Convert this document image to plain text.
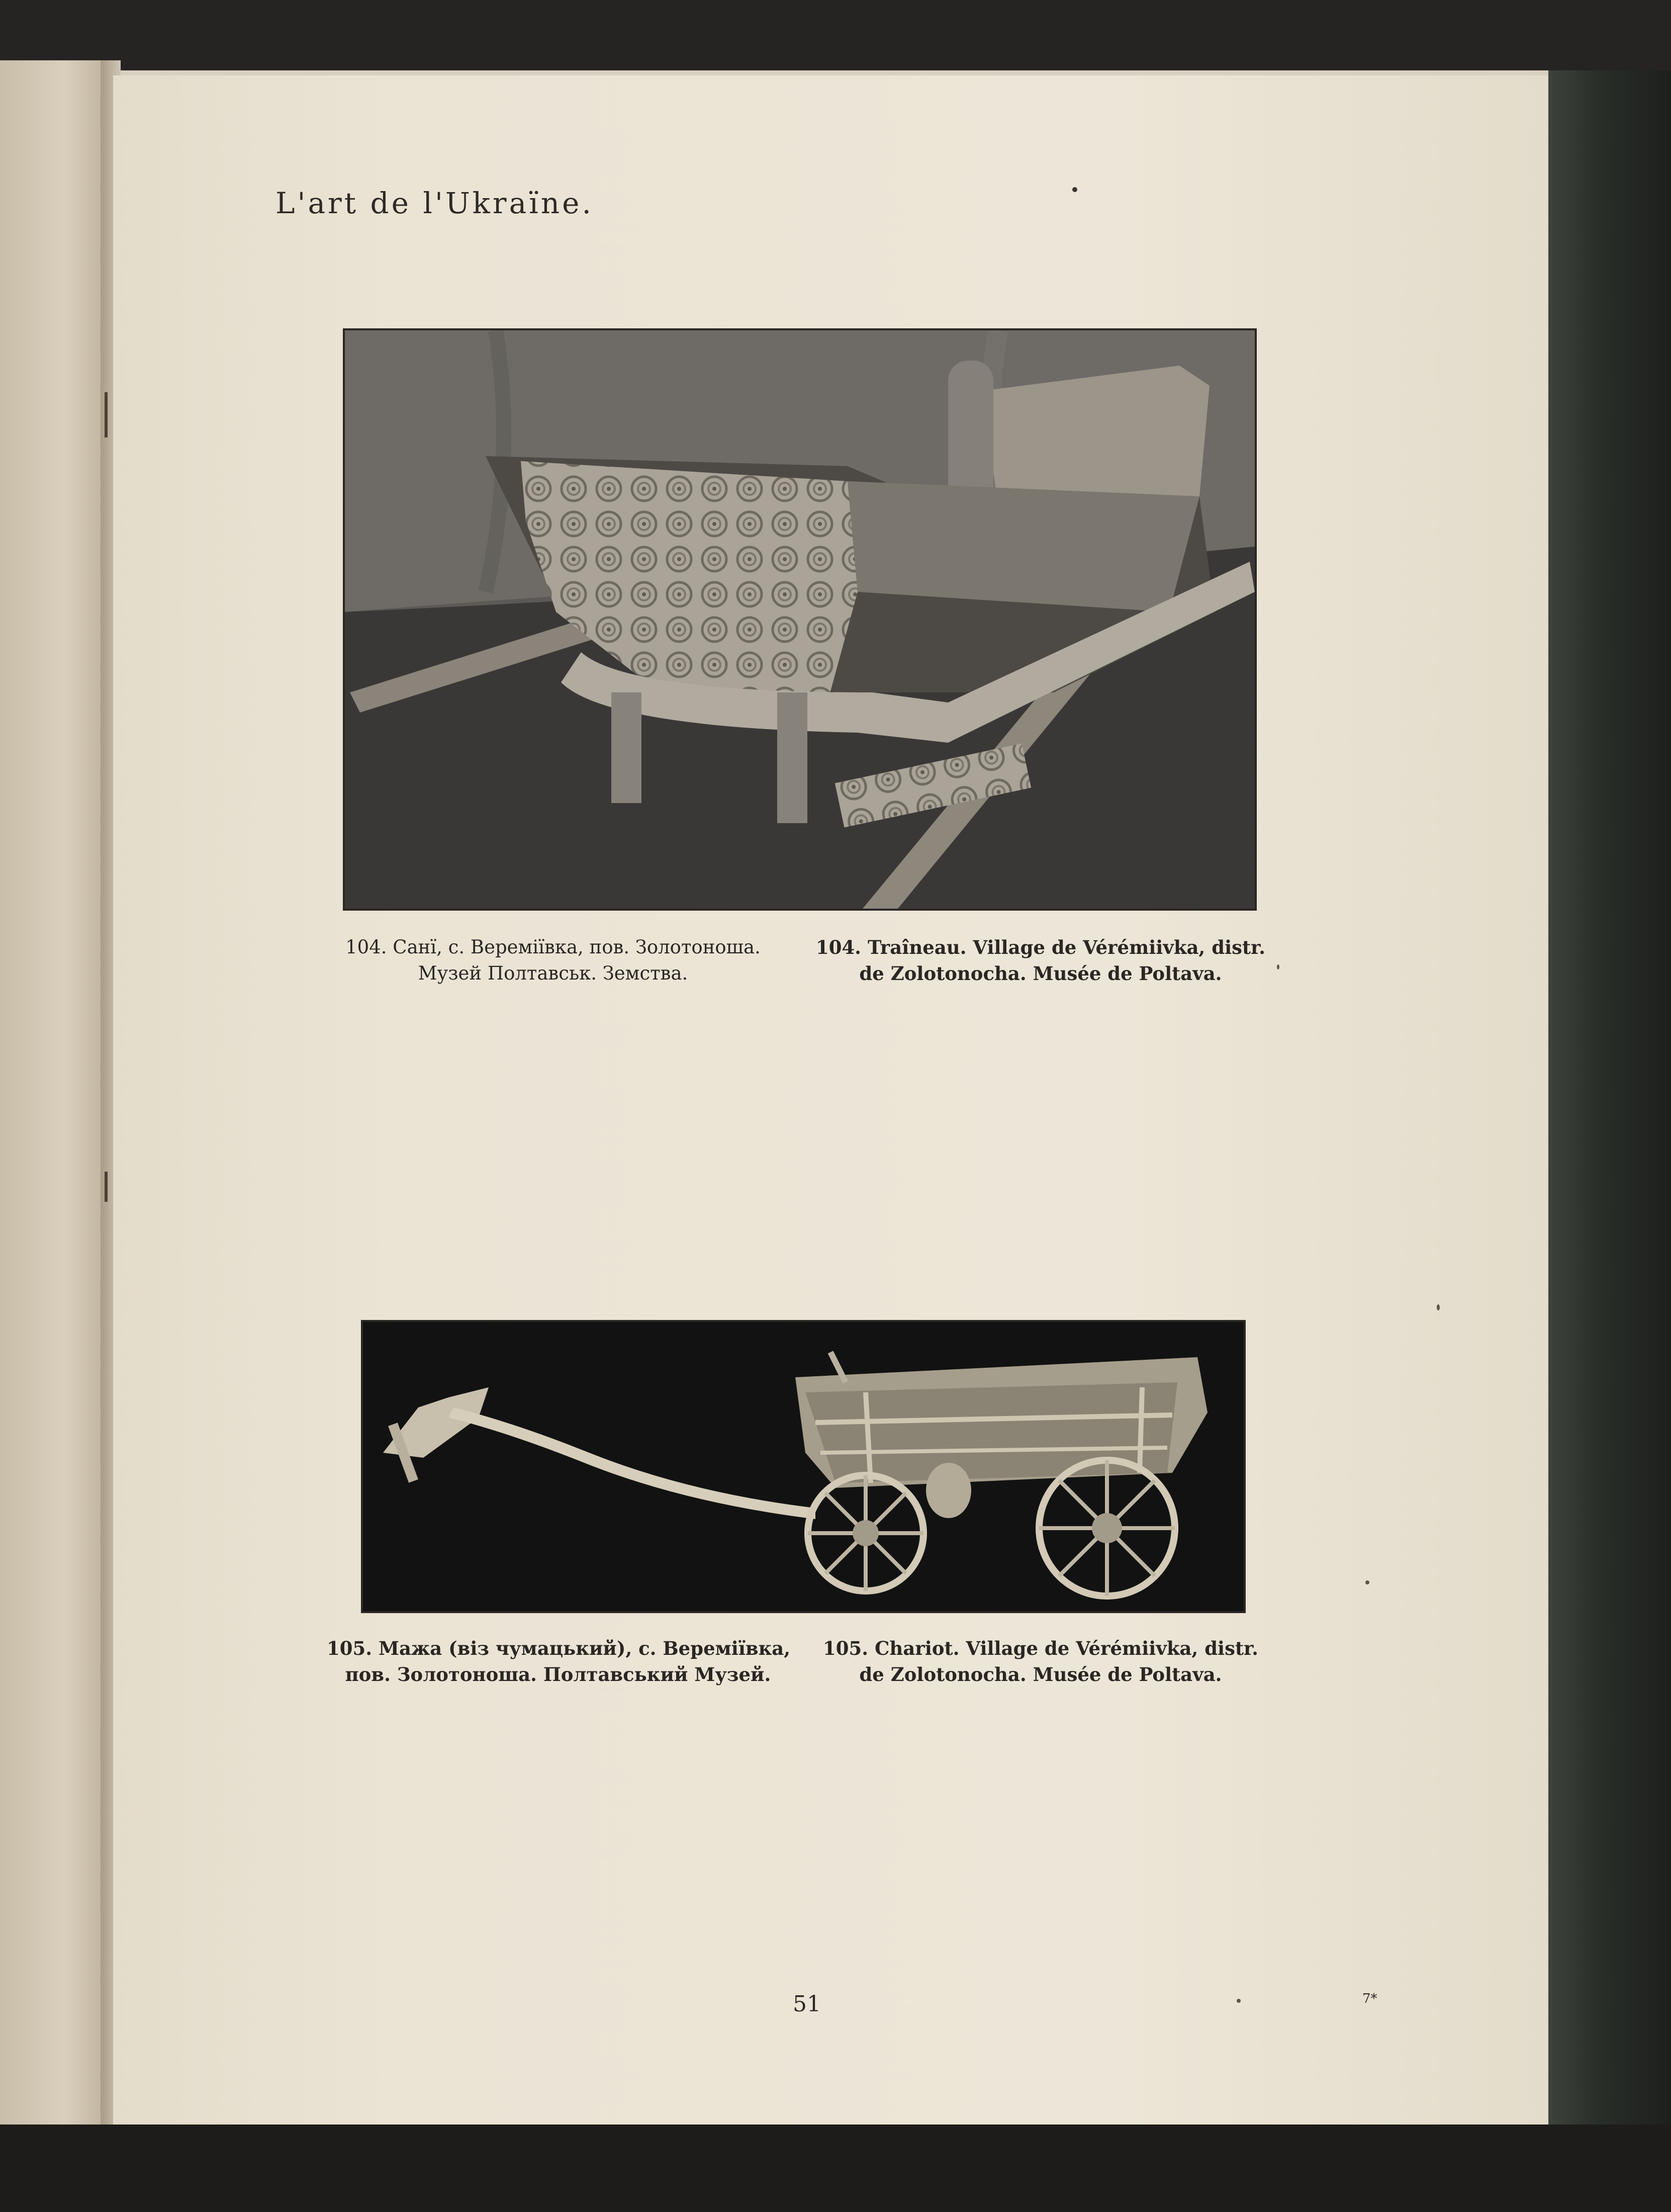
L'art de l'Ukraïne.
104. Санї, с. Веремiївка, пов. Золотоноша.
Музей Полтавськ. Земства.
104. Traîneau. Village de Vérémiivka, distr.
de Zolotonocha. Musée de Poltava.
105. Мажа (віз чумацький), с. Веремiївка,
пов. Золотоноша. Полтавський Музей.
105. Chariot. Village de Vérémiivka, distr.
de Zolotonocha. Musée de Poltava.
51	7*
